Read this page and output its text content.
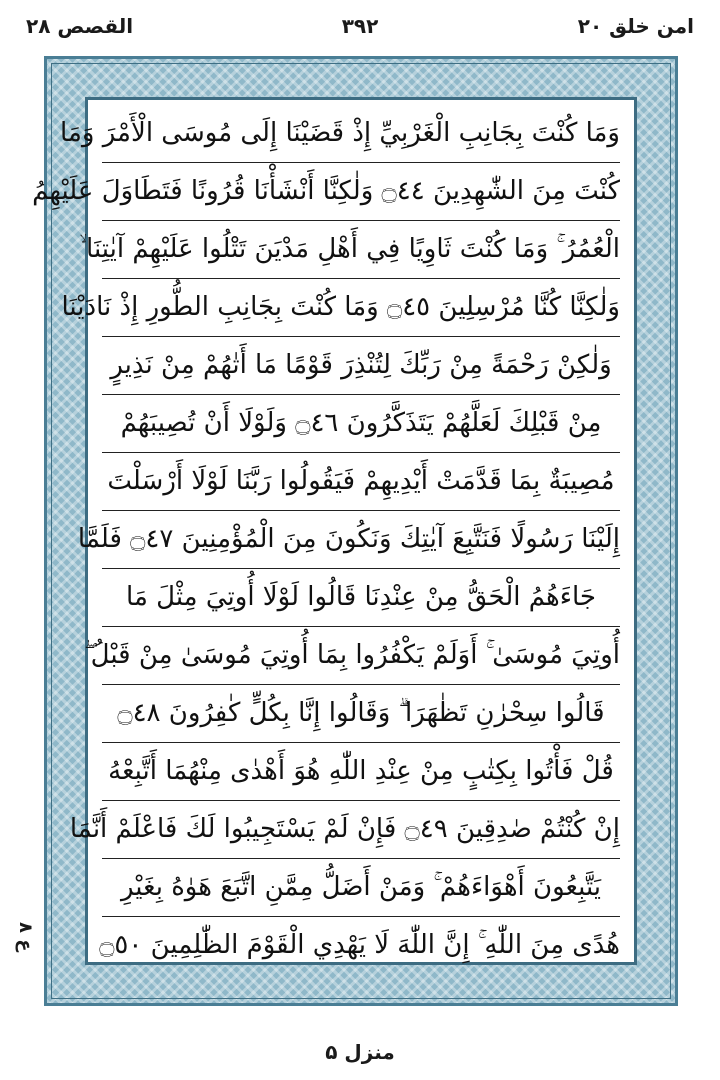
امن خلق ۲۰
۳۹۲
القصص ۲۸
وَمَا كُنْتَ بِجَانِبِ الْغَرْبِيِّ إِذْ قَضَيْنَا إِلَى مُوسَى الْأَمْرَ وَمَا
كُنْتَ مِنَ الشّٰهِدِينَ ۝٤٤ وَلٰكِنَّا أَنْشَأْنَا قُرُونًا فَتَطَاوَلَ عَلَيْهِمُ
الْعُمُرُ ۚ وَمَا كُنْتَ ثَاوِيًا فِي أَهْلِ مَدْيَنَ تَتْلُوا عَلَيْهِمْ آيٰتِنَا ۙ
وَلٰكِنَّا كُنَّا مُرْسِلِينَ ۝٤٥ وَمَا كُنْتَ بِجَانِبِ الطُّورِ إِذْ نَادَيْنَا
وَلٰكِنْ رَحْمَةً مِنْ رَبِّكَ لِتُنْذِرَ قَوْمًا مَا أَتٰهُمْ مِنْ نَذِيرٍ
مِنْ قَبْلِكَ لَعَلَّهُمْ يَتَذَكَّرُونَ ۝٤٦ وَلَوْلَا أَنْ تُصِيبَهُمْ
مُصِيبَةٌ بِمَا قَدَّمَتْ أَيْدِيهِمْ فَيَقُولُوا رَبَّنَا لَوْلَا أَرْسَلْتَ
إِلَيْنَا رَسُولًا فَنَتَّبِعَ آيٰتِكَ وَنَكُونَ مِنَ الْمُؤْمِنِينَ ۝٤٧ فَلَمَّا
جَاءَهُمُ الْحَقُّ مِنْ عِنْدِنَا قَالُوا لَوْلَا أُوتِيَ مِثْلَ مَا
أُوتِيَ مُوسَىٰ ۚ أَوَلَمْ يَكْفُرُوا بِمَا أُوتِيَ مُوسَىٰ مِنْ قَبْلُ ۖ
قَالُوا سِحْرٰنِ تَظٰهَرَا ۗ وَقَالُوا إِنَّا بِكُلٍّ كٰفِرُونَ ۝٤٨
قُلْ فَأْتُوا بِكِتٰبٍ مِنْ عِنْدِ اللّٰهِ هُوَ أَهْدٰى مِنْهُمَا أَتَّبِعْهُ
إِنْ كُنْتُمْ صٰدِقِينَ ۝٤٩ فَإِنْ لَمْ يَسْتَجِيبُوا لَكَ فَاعْلَمْ أَنَّمَا
يَتَّبِعُونَ أَهْوَاءَهُمْ ۚ وَمَنْ أَضَلُّ مِمَّنِ اتَّبَعَ هَوٰهُ بِغَيْرِ
هُدًى مِنَ اللّٰهِ ۚ إِنَّ اللّٰهَ لَا يَهْدِي الْقَوْمَ الظّٰلِمِينَ ۝٥٠
ع ٨
منزل ۵
